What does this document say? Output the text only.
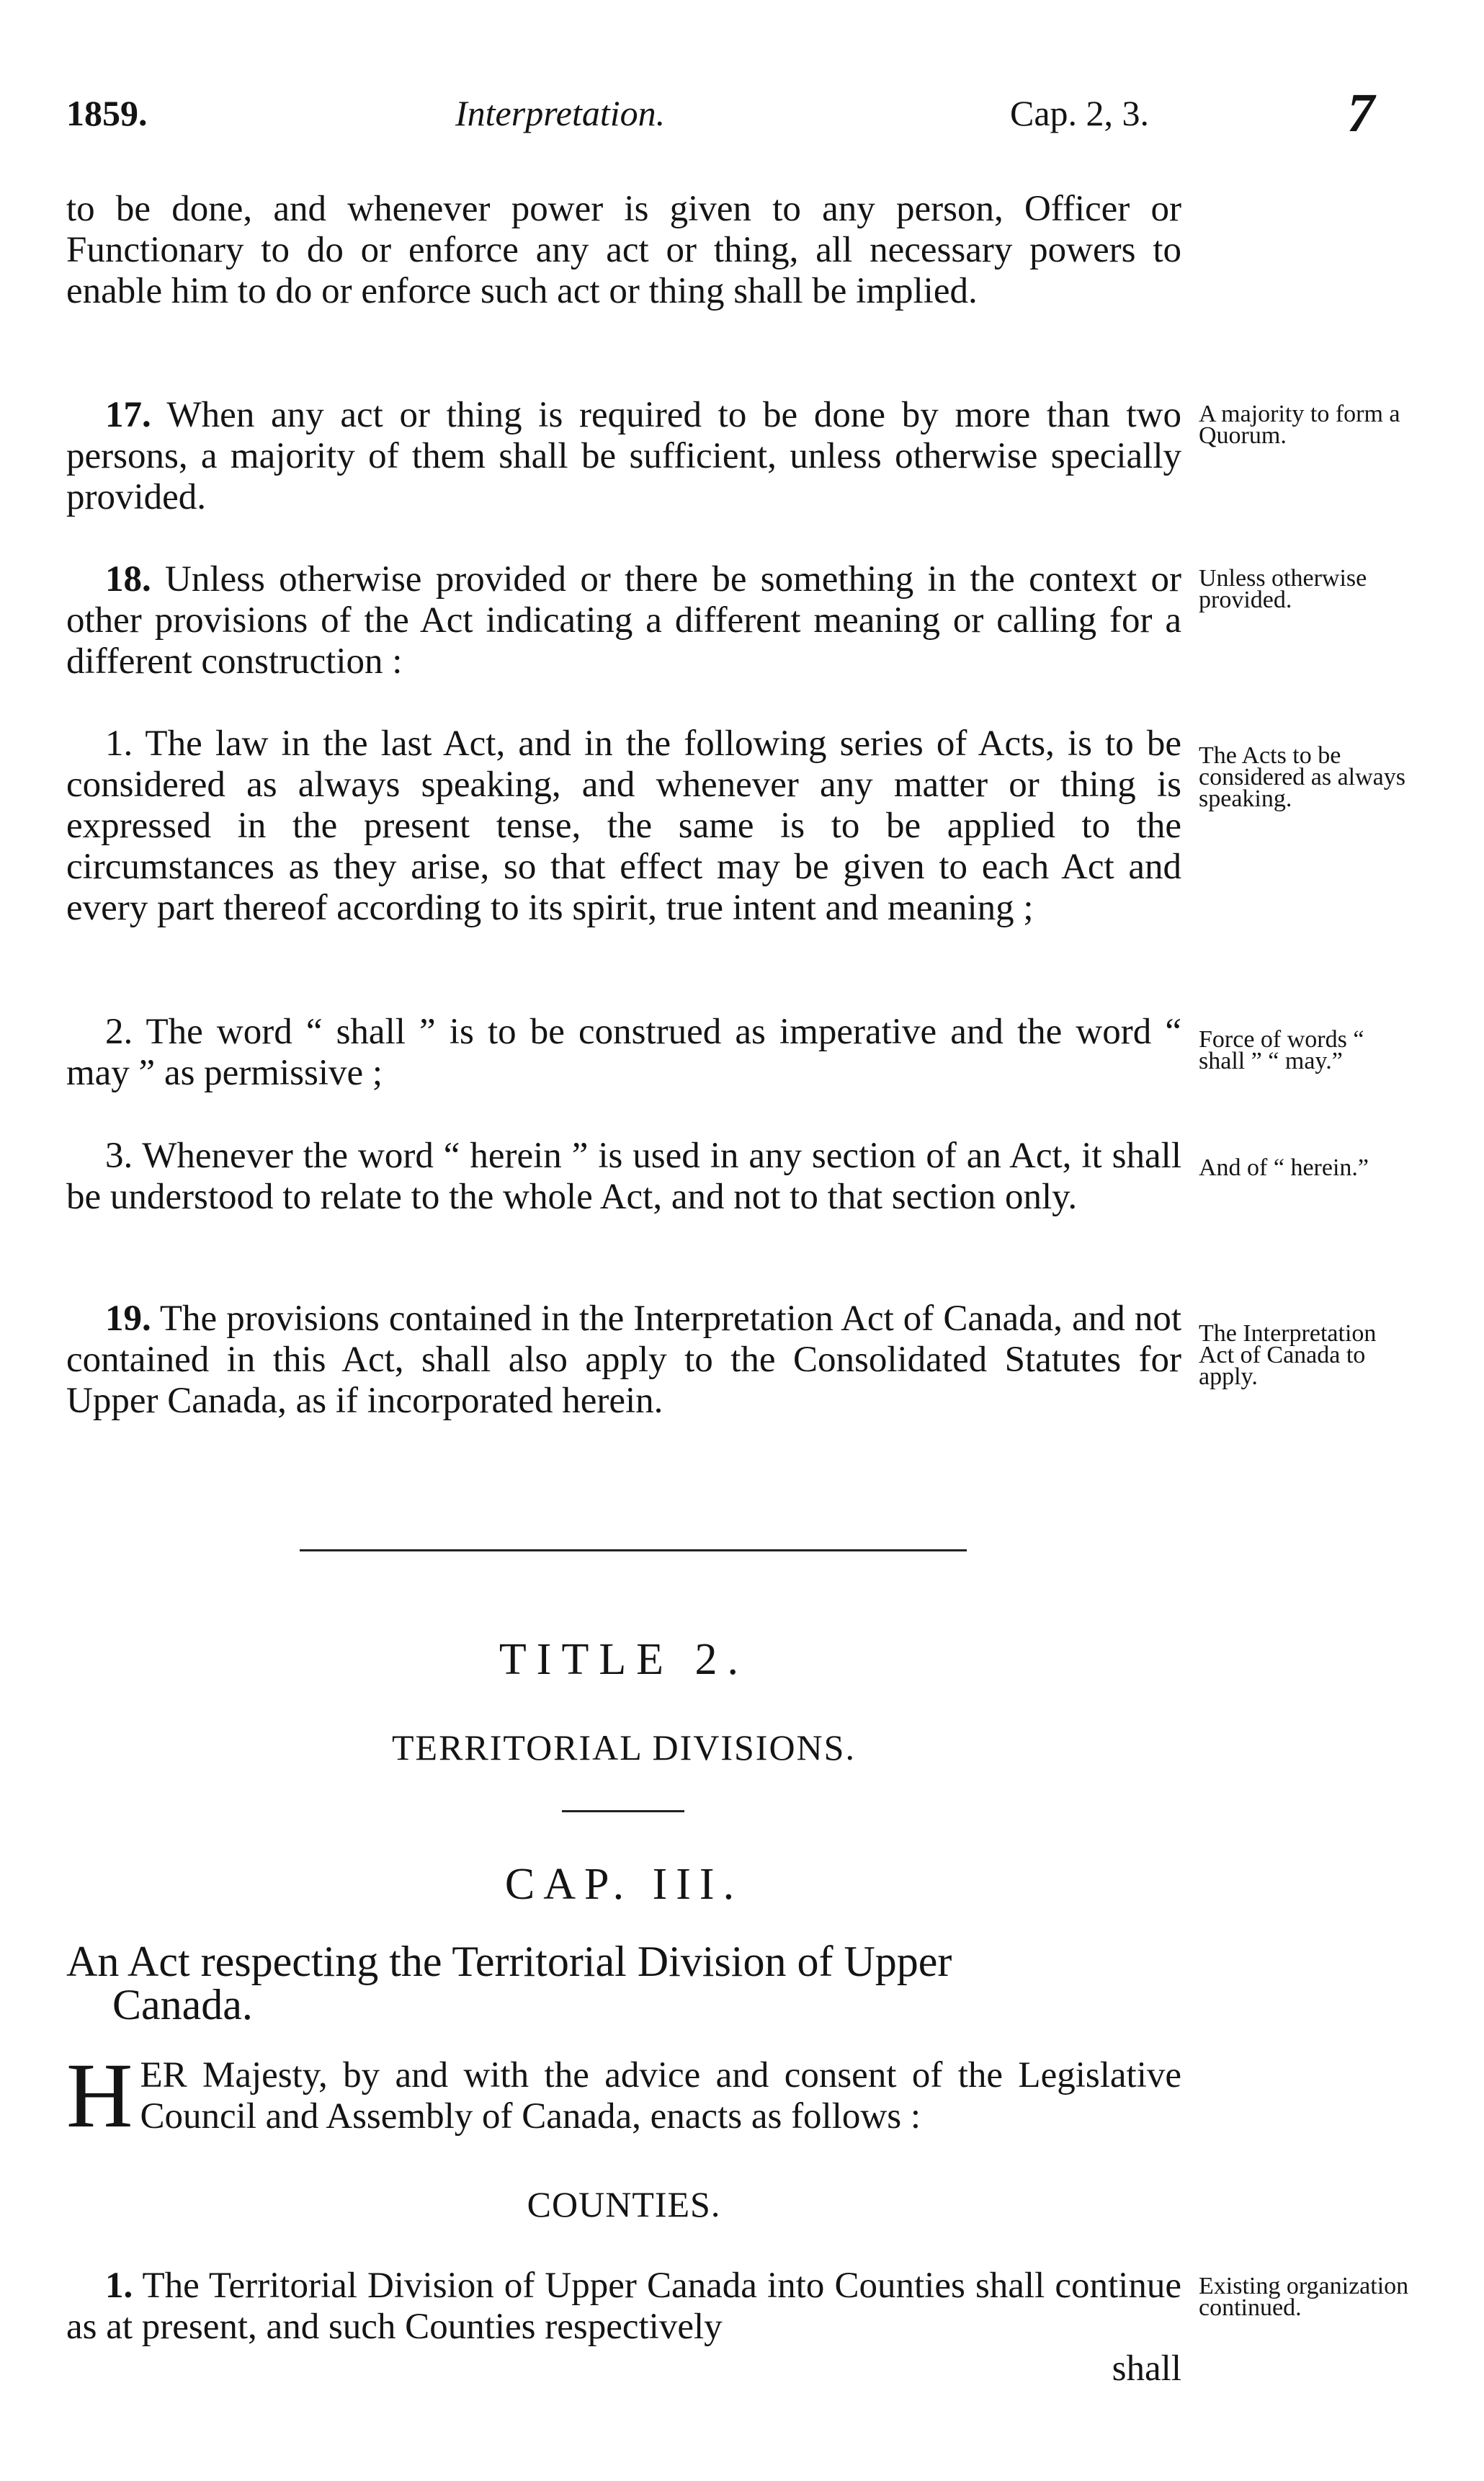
1859.	Interpretation.	Cap. 2, 3.	7

to be done, and whenever power is given to any person, Officer or Functionary to do or enforce any act or thing, all necessary powers to enable him to do or enforce such act or thing shall be implied.

17. When any act or thing is required to be done by more than two persons, a majority of them shall be sufficient, unless otherwise specially provided.

18. Unless otherwise provided or there be something in the context or other provisions of the Act indicating a different meaning or calling for a different construction :

1. The law in the last Act, and in the following series of Acts, is to be considered as always speaking, and whenever any matter or thing is expressed in the present tense, the same is to be applied to the circumstances as they arise, so that effect may be given to each Act and every part thereof according to its spirit, true intent and meaning ;

2. The word “ shall ” is to be construed as imperative and the word “ may ” as permissive ;

3. Whenever the word “ herein ” is used in any section of an Act, it shall be understood to relate to the whole Act, and not to that section only.

19. The provisions contained in the Interpretation Act of Canada, and not contained in this Act, shall also apply to the Consolidated Statutes for Upper Canada, as if incorporated herein.

A majority to form a Quorum.

Unless otherwise provided.

The Acts to be considered as always speaking.

Force of words “ shall ” “ may.”

And of “ herein.”

The Interpretation Act of Canada to apply.

TITLE 2.

TERRITORIAL DIVISIONS.

CAP. III.

An Act respecting the Territorial Division of Upper
Canada.

HER Majesty, by and with the advice and consent of the Legislative Council and Assembly of Canada, enacts as follows :

COUNTIES.

1. The Territorial Division of Upper Canada into Counties shall continue as at present, and such Counties respectively

Existing organization continued.

shall
